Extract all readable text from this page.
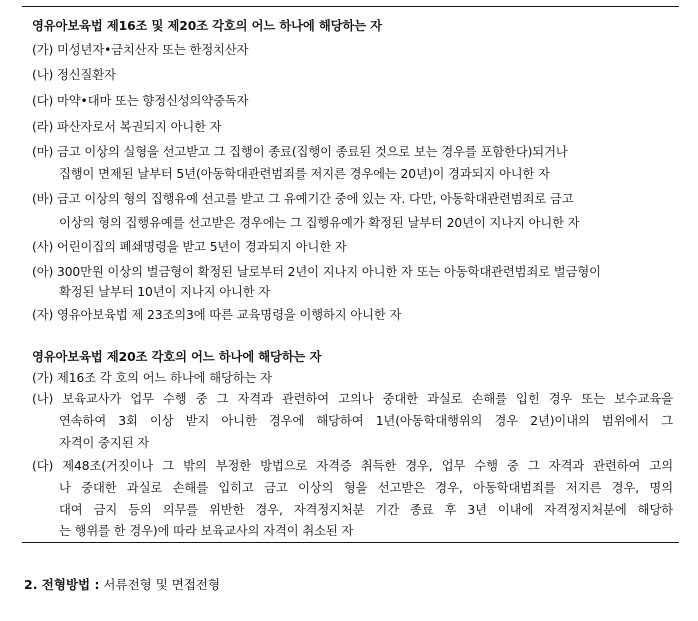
영유아보육법 제16조 및 제20조 각호의 어느 하나에 해당하는 자
(가) 미성년자•금치산자 또는 한정치산자
(나) 정신질환자
(다) 마약•대마 또는 향정신성의약중독자
(라) 파산자로서 복권되지 아니한 자
(마) 금고 이상의 실형을 선고받고 그 집행이 종료(집행이 종료된 것으로 보는 경우를 포함한다)되거나
집행이 면제된 날부터 5년(아동학대관련범죄를 저지른 경우에는 20년)이 경과되지 아니한 자
(바) 금고 이상의 형의 집행유예 선고를 받고 그 유예기간 중에 있는 자. 다만, 아동학대관련범죄로 금고
이상의 형의 집행유예를 선고받은 경우에는 그 집행유예가 확정된 날부터 20년이 지나지 아니한 자
(사) 어린이집의 폐쇄명령을 받고 5년이 경과되지 아니한 자
(아) 300만원 이상의 벌금형이 확정된 날로부터 2년이 지나지 아니한 자 또는 아동학대관련범죄로 벌금형이
확정된 날부터 10년이 지나지 아니한 자
(자) 영유아보육법 제 23조의3에 따른 교육명령을 이행하지 아니한 자
영유아보육법 제20조 각호의 어느 하나에 해당하는 자
(가) 제16조 각 호의 어느 하나에 해당하는 자
(나) 보육교사가 업무 수행 중 그 자격과 관련하여 고의나 중대한 과실로 손해를 입힌 경우 또는 보수교육을
연속하여 3회 이상 받지 아니한 경우에 해당하여 1년(아동학대행위의 경우 2년)이내의 범위에서 그
자격이 중지된 자
(다) 제48조(거짓이나 그 밖의 부정한 방법으로 자격증 취득한 경우, 업무 수행 중 그 자격과 관련하여 고의
나 중대한 과실로 손해를 입히고 금고 이상의 형을 선고받은 경우, 아동학대범죄를 저지른 경우, 명의
대여 금지 등의 의무를 위반한 경우, 자격정지처분 기간 종료 후 3년 이내에 자격정지처분에 해당하
는 행위를 한 경우)에 따라 보육교사의 자격이 취소된 자
2. 전형방법 : 서류전형 및 면접전형
